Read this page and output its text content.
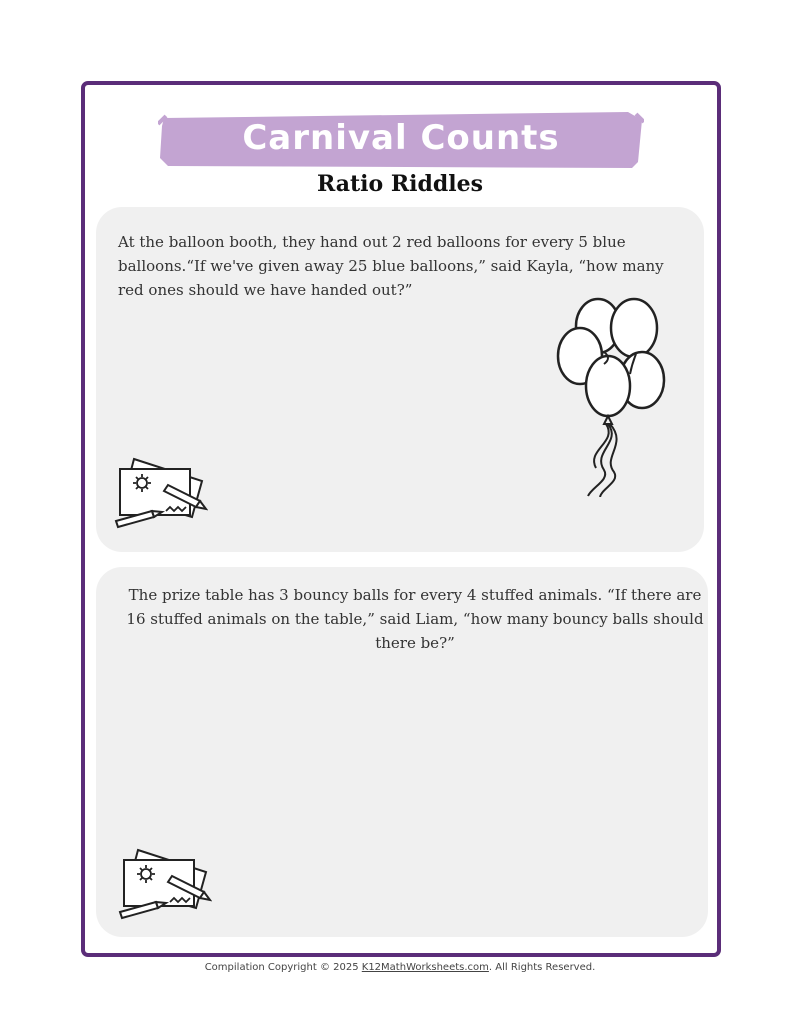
Carnival Counts
Ratio Riddles
At the balloon booth, they hand out 2 red balloons for every 5 blue balloons.“If we've given away 25 blue balloons,” said Kayla, “how many red ones should we have handed out?”
The prize table has 3 bouncy balls for every 4 stuffed animals. “If there are 16 stuffed animals on the table,” said Liam, “how many bouncy balls should there be?”
Compilation Copyright © 2025 K12MathWorksheets.com. All Rights Reserved.
